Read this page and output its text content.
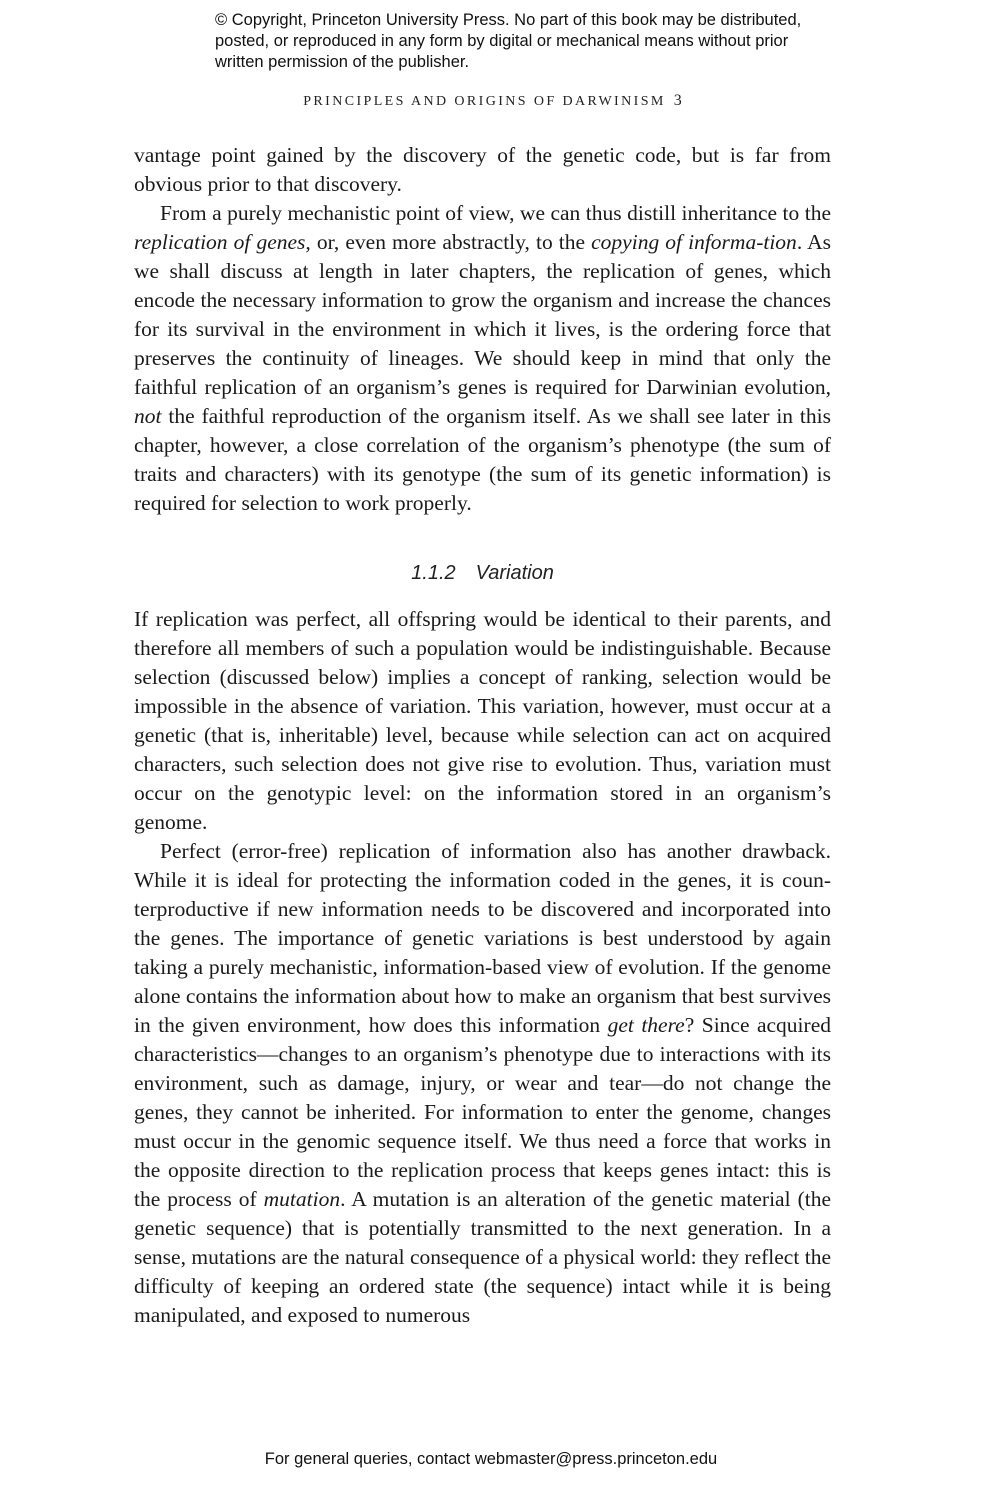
© Copyright, Princeton University Press. No part of this book may be distributed, posted, or reproduced in any form by digital or mechanical means without prior written permission of the publisher.

PRINCIPLES AND ORIGINS OF DARWINISM 3

vantage point gained by the discovery of the genetic code, but is far from obvious prior to that discovery.

From a purely mechanistic point of view, we can thus distill inheritance to the replication of genes, or, even more abstractly, to the copying of informa-tion. As we shall discuss at length in later chapters, the replication of genes, which encode the necessary information to grow the organism and increase the chances for its survival in the environment in which it lives, is the ordering force that preserves the continuity of lineages. We should keep in mind that only the faithful replication of an organism’s genes is required for Darwinian evolution, not the faithful reproduction of the organism itself. As we shall see later in this chapter, however, a close correlation of the organism’s phenotype (the sum of traits and characters) with its genotype (the sum of its genetic information) is required for selection to work properly.

1.1.2 Variation

If replication was perfect, all offspring would be identical to their parents, and therefore all members of such a population would be indistinguishable. Because selection (discussed below) implies a concept of ranking, selection would be impossible in the absence of variation. This variation, however, must occur at a genetic (that is, inheritable) level, because while selection can act on acquired characters, such selection does not give rise to evolution. Thus, variation must occur on the genotypic level: on the information stored in an organism’s genome.

Perfect (error-free) replication of information also has another drawback. While it is ideal for protecting the information coded in the genes, it is coun-terproductive if new information needs to be discovered and incorporated into the genes. The importance of genetic variations is best understood by again taking a purely mechanistic, information-based view of evolution. If the genome alone contains the information about how to make an organism that best survives in the given environment, how does this information get there? Since acquired characteristics—changes to an organism’s phenotype due to interactions with its environment, such as damage, injury, or wear and tear—do not change the genes, they cannot be inherited. For information to enter the genome, changes must occur in the genomic sequence itself. We thus need a force that works in the opposite direction to the replication process that keeps genes intact: this is the process of mutation. A mutation is an alteration of the genetic material (the genetic sequence) that is potentially transmitted to the next generation. In a sense, mutations are the natural consequence of a physical world: they reflect the difficulty of keeping an ordered state (the sequence) intact while it is being manipulated, and exposed to numerous

For general queries, contact webmaster@press.princeton.edu
